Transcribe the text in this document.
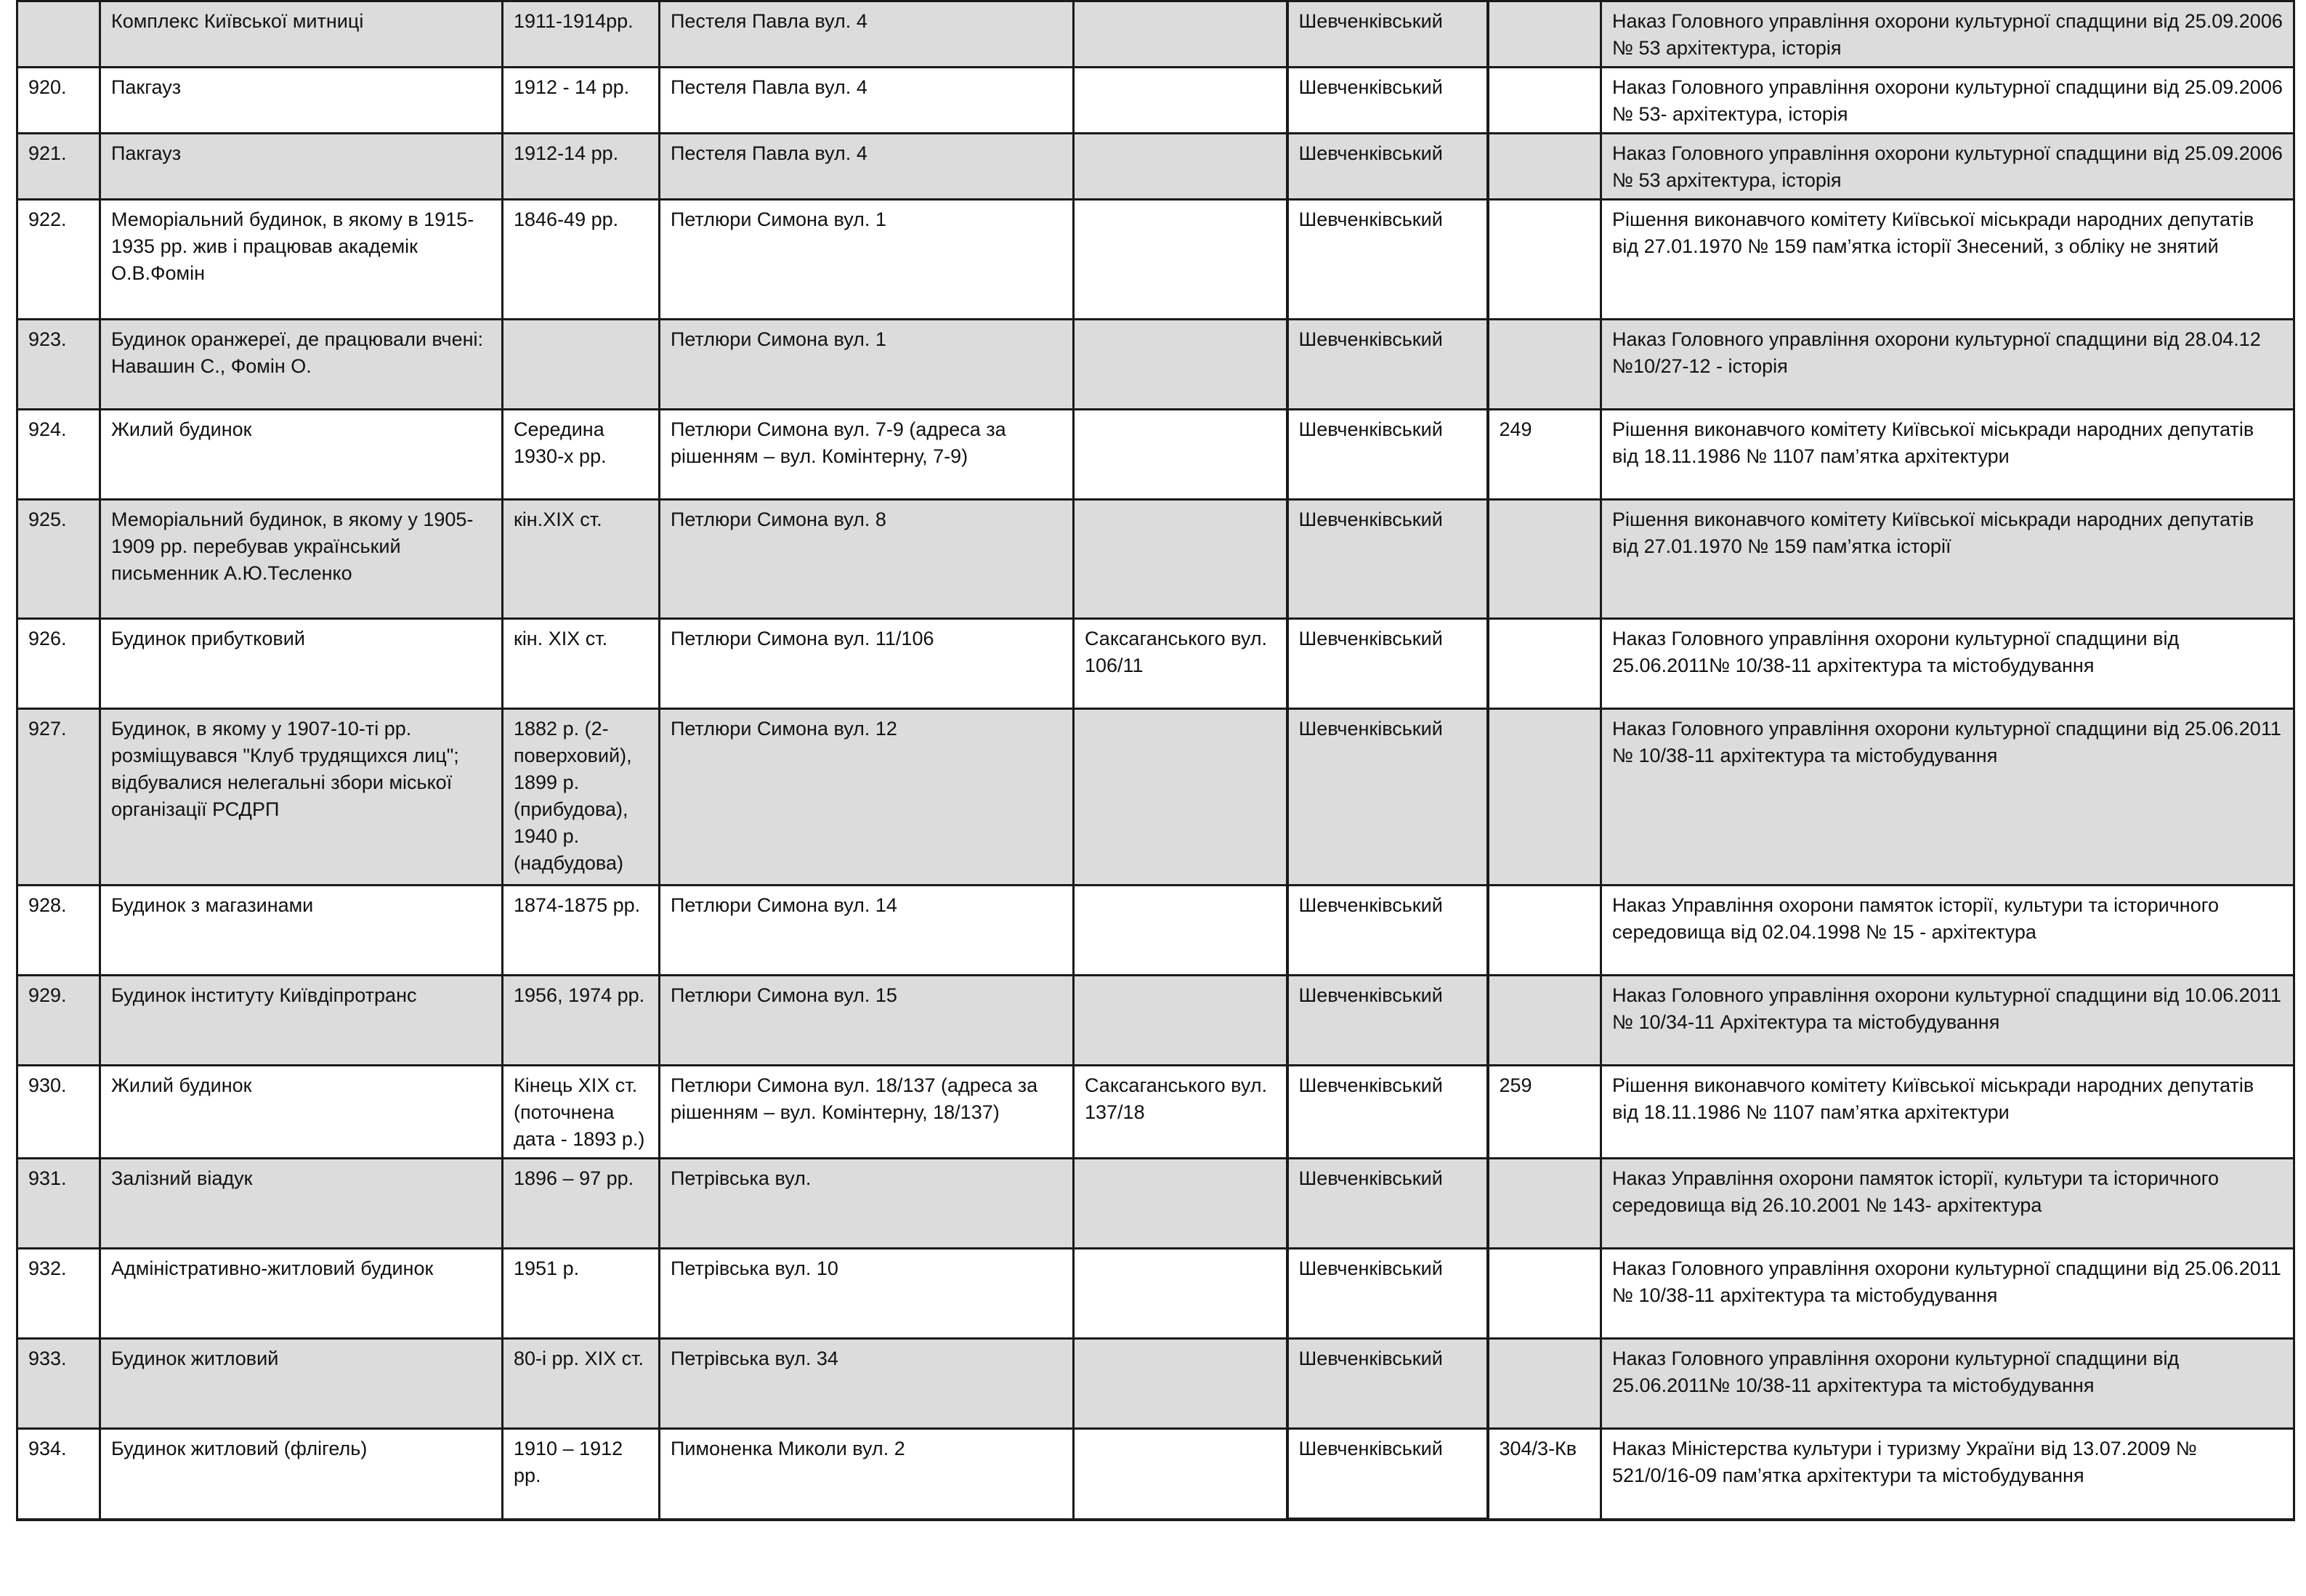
	Комплекс Київської митниці	1911-1914рр.	Пестеля Павла вул. 4		Шевченківський		Наказ Головного управління охорони культурної спадщини від 25.09.2006 № 53 архітектура, історія
920.	Пакгауз	1912 - 14 рр.	Пестеля Павла вул. 4		Шевченківський		Наказ Головного управління охорони культурної спадщини від 25.09.2006 № 53- архітектура, історія
921.	Пакгауз	1912-14 рр.	Пестеля Павла вул. 4		Шевченківський		Наказ Головного управління охорони культурної спадщини від 25.09.2006 № 53 архітектура, історія
922.	Меморіальний будинок, в якому в 1915-1935 рр. жив і працював академік О.В.Фомін	1846-49 рр.	Петлюри Симона вул. 1		Шевченківський		Рішення виконавчого комітету Київської міськради народних депутатів від 27.01.1970 № 159 пам’ятка історії Знесений, з обліку не знятий
923.	Будинок оранжереї, де працювали вчені: Навашин С., Фомін О.		Петлюри Симона вул. 1		Шевченківський		Наказ Головного управління охорони культурної спадщини від 28.04.12 №10/27-12 - історія
924.	Жилий будинок	Середина 1930-х рр.	Петлюри Симона вул. 7-9 (адреса за рішенням – вул. Комінтерну, 7-9)		Шевченківський	249	Рішення виконавчого комітету Київської міськради народних депутатів від 18.11.1986 № 1107 пам’ятка архітектури
925.	Меморіальний будинок, в якому у 1905-1909 рр. перебував український письменник А.Ю.Тесленко	кін.XIX ст.	Петлюри Симона вул. 8		Шевченківський		Рішення виконавчого комітету Київської міськради народних депутатів від 27.01.1970 № 159 пам’ятка історії
926.	Будинок прибутковий	кін. XIX ст.	Петлюри Симона вул. 11/106	Саксаганського вул. 106/11	Шевченківський		Наказ Головного управління охорони культурної спадщини від 25.06.2011№ 10/38-11 архітектура та містобудування
927.	Будинок, в якому у 1907-10-ті рр. розміщувався "Клуб трудящихся лиц"; відбувалися нелегальні збори міської організації РСДРП	1882 р. (2-поверховий), 1899 р. (прибудова), 1940 р. (надбудова)	Петлюри Симона вул. 12		Шевченківський		Наказ Головного управління охорони культурної спадщини від 25.06.2011 № 10/38-11 архітектура та містобудування
928.	Будинок з магазинами	1874-1875 рр.	Петлюри Симона вул. 14		Шевченківський		Наказ Управління охорони памяток історії, культури та історичного середовища від 02.04.1998 № 15 - архітектура
929.	Будинок інституту Київдіпротранс	1956, 1974 рр.	Петлюри Симона вул. 15		Шевченківський		Наказ Головного управління охорони культурної спадщини від 10.06.2011 № 10/34-11 Архітектура та містобудування
930.	Жилий будинок	Кінець XIX ст. (поточнена дата - 1893 р.)	Петлюри Симона вул. 18/137 (адреса за рішенням – вул. Комінтерну, 18/137)	Саксаганського вул. 137/18	Шевченківський	259	Рішення виконавчого комітету Київської міськради народних депутатів від 18.11.1986 № 1107 пам’ятка архітектури
931.	Залізний віадук	1896 – 97 рр.	Петрівська вул.		Шевченківський		Наказ Управління охорони памяток історії, культури та історичного середовища від 26.10.2001 № 143- архітектура
932.	Адміністративно-житловий будинок	1951 р.	Петрівська вул. 10		Шевченківський		Наказ Головного управління охорони культурної спадщини від 25.06.2011 № 10/38-11 архітектура та містобудування
933.	Будинок житловий	80-і рр. XIX ст.	Петрівська вул. 34		Шевченківський		Наказ Головного управління охорони культурної спадщини від 25.06.2011№ 10/38-11 архітектура та містобудування
934.	Будинок житловий (флігель)	1910 – 1912 рр.	Пимоненка Миколи вул. 2		Шевченківський	304/3-Кв	Наказ Міністерства культури і туризму України від 13.07.2009 № 521/0/16-09 пам’ятка архітектури та містобудування
